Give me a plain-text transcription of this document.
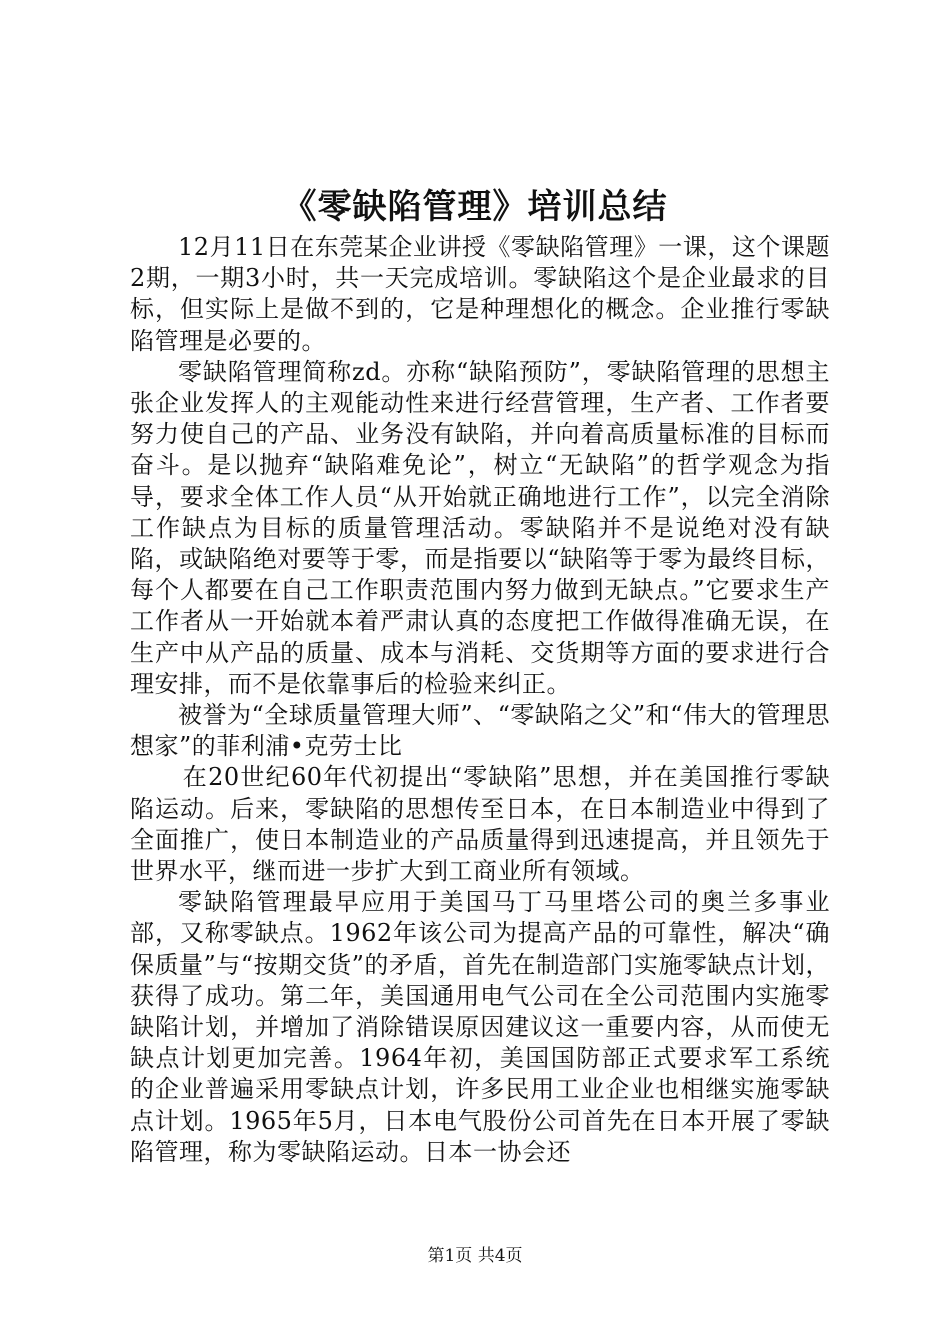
《零缺陷管理》培训总结

12月11日在东莞某企业讲授《零缺陷管理》一课，这个课题2期，一期3小时，共一天完成培训。零缺陷这个是企业最求的目标，但实际上是做不到的，它是种理想化的概念。企业推行零缺陷管理是必要的。

零缺陷管理简称zd。亦称“缺陷预防”，零缺陷管理的思想主张企业发挥人的主观能动性来进行经营管理，生产者、工作者要努力使自己的产品、业务没有缺陷，并向着高质量标准的目标而奋斗。是以抛弃“缺陷难免论”，树立“无缺陷”的哲学观念为指导，要求全体工作人员“从开始就正确地进行工作”，以完全消除工作缺点为目标的质量管理活动。零缺陷并不是说绝对没有缺陷，或缺陷绝对要等于零，而是指要以“缺陷等于零为最终目标，每个人都要在自己工作职责范围内努力做到无缺点。”它要求生产工作者从一开始就本着严肃认真的态度把工作做得准确无误，在生产中从产品的质量、成本与消耗、交货期等方面的要求进行合理安排，而不是依靠事后的检验来纠正。

被誉为“全球质量管理大师”、“零缺陷之父”和“伟大的管理思想家”的菲利浦•克劳士比

在20世纪60年代初提出“零缺陷”思想，并在美国推行零缺陷运动。后来，零缺陷的思想传至日本，在日本制造业中得到了全面推广，使日本制造业的产品质量得到迅速提高，并且领先于世界水平，继而进一步扩大到工商业所有领域。

零缺陷管理最早应用于美国马丁马里塔公司的奥兰多事业部，又称零缺点。1962年该公司为提高产品的可靠性，解决“确保质量”与“按期交货”的矛盾，首先在制造部门实施零缺点计划，获得了成功。第二年，美国通用电气公司在全公司范围内实施零缺陷计划，并增加了消除错误原因建议这一重要内容，从而使无缺点计划更加完善。1964年初，美国国防部正式要求军工系统的企业普遍采用零缺点计划，许多民用工业企业也相继实施零缺点计划。1965年5月，日本电气股份公司首先在日本开展了零缺陷管理，称为零缺陷运动。日本一协会还

第1页 共4页
